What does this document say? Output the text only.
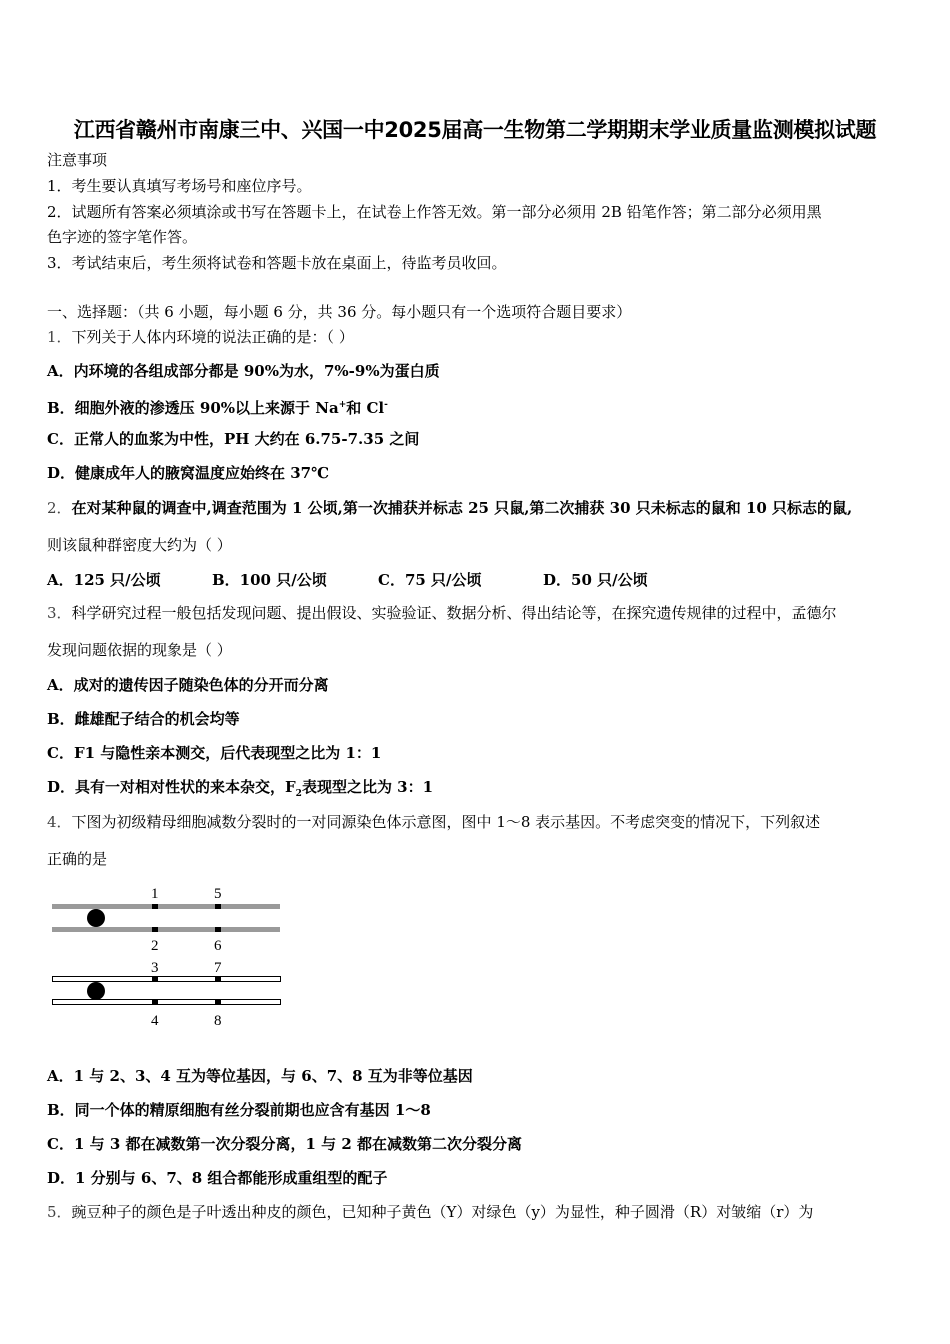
江西省赣州市南康三中、兴国一中2025届高一生物第二学期期末学业质量监测模拟试题
注意事项
1．考生要认真填写考场号和座位序号。
2．试题所有答案必须填涂或书写在答题卡上，在试卷上作答无效。第一部分必须用 2B 铅笔作答；第二部分必须用黑
色字迹的签字笔作答。
3．考试结束后，考生须将试卷和答题卡放在桌面上，待监考员收回。
一、选择题：（共 6 小题，每小题 6 分，共 36 分。每小题只有一个选项符合题目要求）
1．下列关于人体内环境的说法正确的是：（ ）
A．内环境的各组成部分都是 90%为水，7%-9%为蛋白质
B．细胞外液的渗透压 90%以上来源于 Na+和 Cl-
C．正常人的血浆为中性，PH 大约在 6.75-7.35 之间
D．健康成年人的腋窝温度应始终在 37℃
2．在对某种鼠的调查中,调查范围为 1 公顷,第一次捕获并标志 25 只鼠,第二次捕获 30 只未标志的鼠和 10 只标志的鼠,
则该鼠种群密度大约为（ ）
A．125 只/公顷	B．100 只/公顷	C．75 只/公顷	D．50 只/公顷
3．科学研究过程一般包括发现问题、提出假设、实验验证、数据分析、得出结论等，在探究遗传规律的过程中，孟德尔
发现问题依据的现象是（ ）
A．成对的遗传因子随染色体的分开而分离
B．雌雄配子结合的机会均等
C．F1 与隐性亲本测交，后代表现型之比为 1：1
D．具有一对相对性状的来本杂交，$F_2$表现型之比为 3：1
4．下图为初级精母细胞减数分裂时的一对同源染色体示意图，图中 1～8 表示基因。不考虑突变的情况下，下列叙述
正确的是
1	5
2	6
3	7
4	8
A．1 与 2、3、4 互为等位基因，与 6、7、8 互为非等位基因
B．同一个体的精原细胞有丝分裂前期也应含有基因 1～8
C．1 与 3 都在减数第一次分裂分离，1 与 2 都在减数第二次分裂分离
D．1 分别与 6、7、8 组合都能形成重组型的配子
5．豌豆种子的颜色是子叶透出种皮的颜色，已知种子黄色（Y）对绿色（y）为显性，种子圆滑（R）对皱缩（r）为
